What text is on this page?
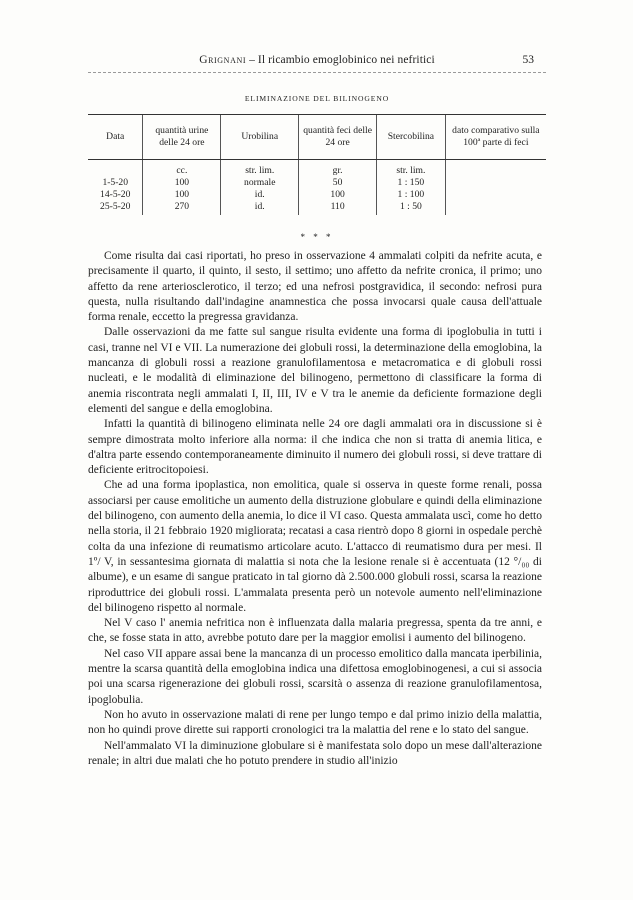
Grignani – Il ricambio emoglobinico nei nefritici	53
ELIMINAZIONE DEL BILINOGENO
Data	quantità urine delle 24 ore	Urobilina	quantità feci delle 24 ore	Stercobilina	dato comparativo sulla 100ª parte di feci
	cc.	str. lim.	gr.	str. lim.	
1-5-20	100	normale	50	1 : 150	
14-5-20	100	id.	100	1 : 100	
25-5-20	270	id.	110	1 : 50	
* * *

Come risulta dai casi riportati, ho preso in osservazione 4 ammalati colpiti da nefrite acuta, e precisamente il quarto, il quinto, il sesto, il settimo; uno affetto da nefrite cronica, il primo; uno affetto da rene arteriosclerotico, il terzo; ed una nefrosi postgravidica, il secondo: nefrosi pura questa, nulla risultando dall'indagine anamnestica che possa invocarsi quale causa dell'attuale forma renale, eccetto la pregressa gravidanza.

Dalle osservazioni da me fatte sul sangue risulta evidente una forma di ipoglobulia in tutti i casi, tranne nel VI e VII. La numerazione dei globuli rossi, la determinazione della emoglobina, la mancanza di globuli rossi a reazione granulofilamentosa e metacromatica e di globuli rossi nucleati, e le modalità di eliminazione del bilinogeno, permettono di classificare la forma di anemia riscontrata negli ammalati I, II, III, IV e V tra le anemie da deficiente formazione degli elementi del sangue e della emoglobina.

Infatti la quantità di bilinogeno eliminata nelle 24 ore dagli ammalati ora in discussione si è sempre dimostrata molto inferiore alla norma: il che indica che non si tratta di anemia litica, e d'altra parte essendo contemporaneamente diminuito il numero dei globuli rossi, si deve trattare di deficiente eritrocitopoiesi.

Che ad una forma ipoplastica, non emolitica, quale si osserva in queste forme renali, possa associarsi per cause emolitiche un aumento della distruzione globulare e quindi della eliminazione del bilinogeno, con aumento della anemia, lo dice il VI caso. Questa ammalata uscì, come ho detto nella storia, il 21 febbraio 1920 migliorata; recatasi a casa rientrò dopo 8 giorni in ospedale perchè colta da una infezione di reumatismo articolare acuto. L'attacco di reumatismo dura per mesi. Il 1º/ V, in sessantesima giornata di malattia si nota che la lesione renale si è accentuata (12 °/₀₀ di albume), e un esame di sangue praticato in tal giorno dà 2.500.000 globuli rossi, scarsa la reazione riproduttrice dei globuli rossi. L'ammalata presenta però un notevole aumento nell'eliminazione del bilinogeno rispetto al normale.

Nel V caso l' anemia nefritica non è influenzata dalla malaria pregressa, spenta da tre anni, e che, se fosse stata in atto, avrebbe potuto dare per la maggior emolisi i aumento del bilinogeno.

Nel caso VII appare assai bene la mancanza di un processo emolitico dalla mancata iperbilinia, mentre la scarsa quantità della emoglobina indica una difettosa emoglobinogenesi, a cui si associa poi una scarsa rigenerazione dei globuli rossi, scarsità o assenza di reazione granulofilamentosa, ipoglobulia.

Non ho avuto in osservazione malati di rene per lungo tempo e dal primo inizio della malattia, non ho quindi prove dirette sui rapporti cronologici tra la malattia del rene e lo stato del sangue.

Nell'ammalato VI la diminuzione globulare si è manifestata solo dopo un mese dall'alterazione renale; in altri due malati che ho potuto prendere in studio all'inizio
